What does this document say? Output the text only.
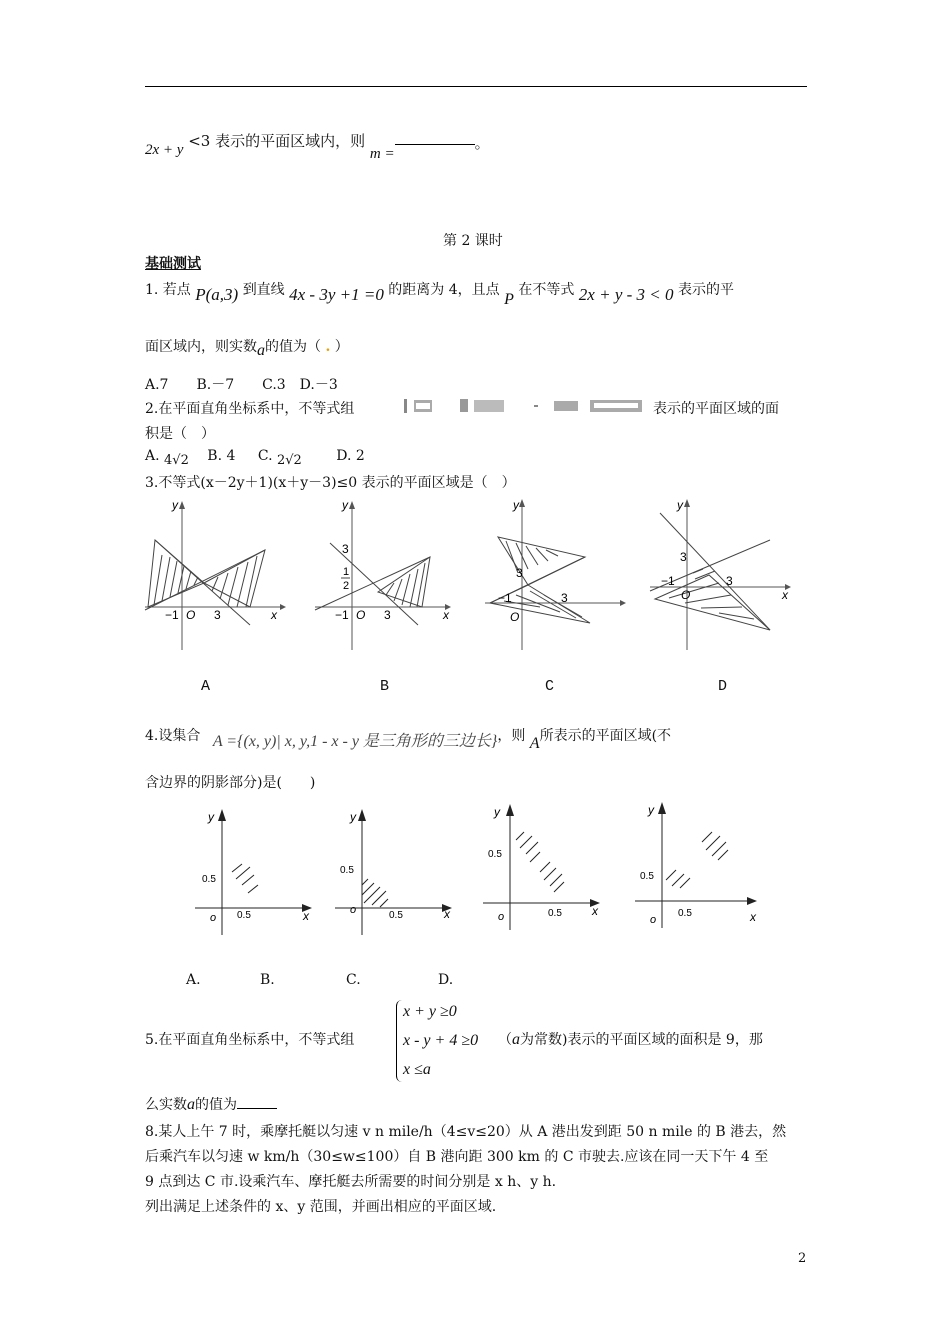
2x + y <3 表示的平面区域内，则 m =。
第 2 课时
基础测试
1. 若点 P(a,3) 到直线 4x - 3y +1 =0 的距离为 4，且点 P 在不等式 2x + y - 3 < 0 表示的平
面区域内，则实数a的值为（ . ）
A.7　　B.－7　　C.3　D.－3
2.在平面直角坐标系中，不等式组	表示的平面区域的面
积是（　）
A. 4√2 B. 4 C. 2√2 D. 2
3.不等式(x－2y＋1)(x＋y－3)≤0 表示的平面区域是（　）
−1 O 3	x
y
A
3
1
2
−1 O 3	x
y
B
3
−1	3
O
y
C
3
−1	3
O	x
y
D
4.设集合 A ={(x, y)| x, y,1 - x - y 是三角形的三边长}，则 A所表示的平面区域(不
含边界的阴影部分)是(　　)
0.5
0.5
o	x
y
0.5
0.5
o	x
y
0.5
0.5
o	x
y
0.5
0.5
o	x
y
A.	B.	C.	D.
5.在平面直角坐标系中，不等式组
x + y ≥0
x - y + 4 ≥0
x ≤a
（a为常数)表示的平面区域的面积是 9，那
么实数a的值为
8.某人上午 7 时，乘摩托艇以匀速 v n mile/h（4≤v≤20）从 A 港出发到距 50 n mile 的 B 港去，然
后乘汽车以匀速 w km/h（30≤w≤100）自 B 港向距 300 km 的 C 市驶去.应该在同一天下午 4 至
9 点到达 C 市.设乘汽车、摩托艇去所需要的时间分别是 x h、y h.
列出满足上述条件的 x、y 范围，并画出相应的平面区域.
2
